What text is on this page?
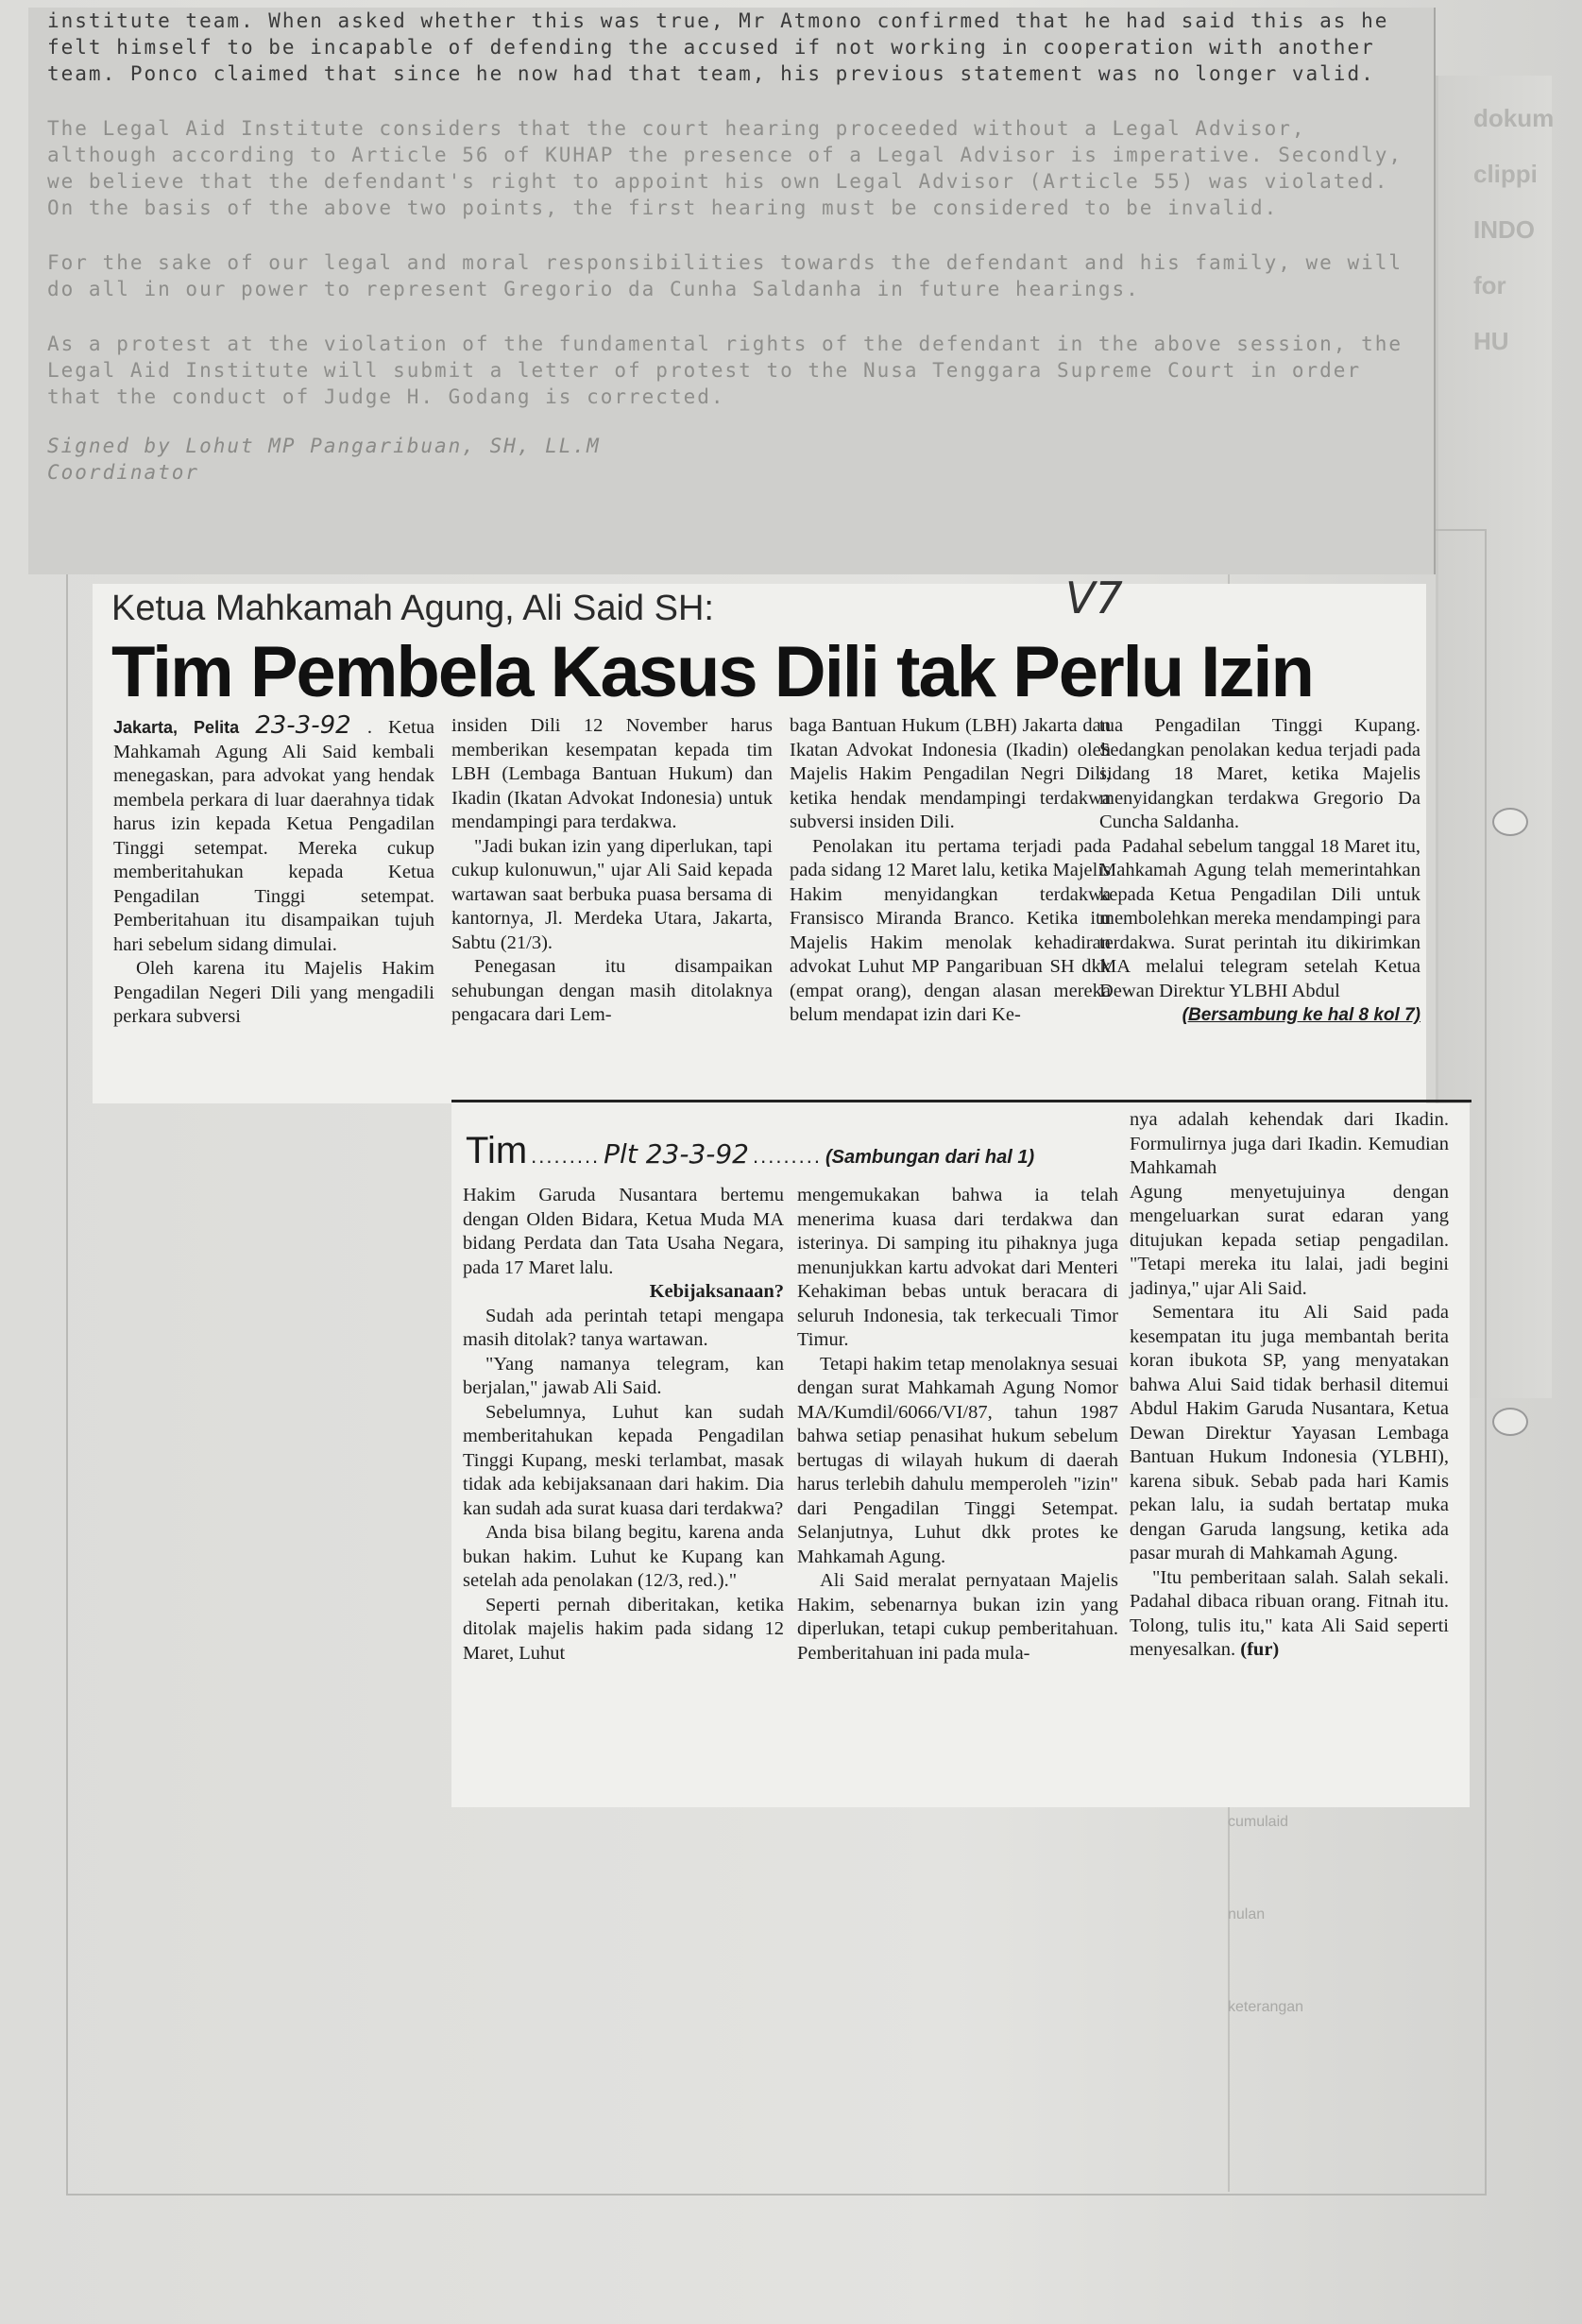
dokum
clippi
INDO
for
HU
cumulaid
nulan
keterangan

institute team. When asked whether this was true, Mr Atmono confirmed that he had said this as he felt himself to be incapable of defending the accused if not working in cooperation with another team. Ponco claimed that since he now had that team, his previous statement was no longer valid.

The Legal Aid Institute considers that the court hearing proceeded without a Legal Advisor, although according to Article 56 of KUHAP the presence of a Legal Advisor is imperative. Secondly, we believe that the defendant's right to appoint his own Legal Advisor (Article 55) was violated. On the basis of the above two points, the first hearing must be considered to be invalid.

For the sake of our legal and moral responsibilities towards the defendant and his family, we will do all in our power to represent Gregorio da Cunha Saldanha in future hearings.

As a protest at the violation of the fundamental rights of the defendant in the above session, the Legal Aid Institute will submit a letter of protest to the Nusa Tenggara Supreme Court in order that the conduct of Judge H. Godang is corrected.

Signed by Lohut MP Pangaribuan, SH, LL.M
Coordinator

Ketua Mahkamah Agung, Ali Said SH:	V7
Tim Pembela Kasus Dili tak Perlu Izin

Jakarta, Pelita 23-3-92 . Ketua Mahkamah Agung Ali Said kembali menegaskan, para advokat yang hendak membela perkara di luar daerahnya tidak harus izin kepada Ketua Pengadilan Tinggi setempat. Mereka cukup memberitahukan kepada Ketua Pengadilan Tinggi setempat. Pemberitahuan itu disampaikan tujuh hari sebelum sidang dimulai.

Oleh karena itu Majelis Hakim Pengadilan Negeri Dili yang mengadili perkara subversi

insiden Dili 12 November harus memberikan kesempatan kepada tim LBH (Lembaga Bantuan Hukum) dan Ikadin (Ikatan Advokat Indonesia) untuk mendampingi para terdakwa.

"Jadi bukan izin yang diperlukan, tapi cukup kulonuwun," ujar Ali Said kepada wartawan saat berbuka puasa bersama di kantornya, Jl. Merdeka Utara, Jakarta, Sabtu (21/3).

Penegasan itu disampaikan sehubungan dengan masih ditolaknya pengacara dari Lem-

baga Bantuan Hukum (LBH) Jakarta dan Ikatan Advokat Indonesia (Ikadin) oleh Majelis Hakim Pengadilan Negri Dili, ketika hendak mendampingi terdakwa subversi insiden Dili.

Penolakan itu pertama terjadi pada pada sidang 12 Maret lalu, ketika Majelis Hakim menyidangkan terdakwa Fransisco Miranda Branco. Ketika itu Majelis Hakim menolak kehadiran advokat Luhut MP Pangaribuan SH dkk (empat orang), dengan alasan mereka belum mendapat izin dari Ke-

tua Pengadilan Tinggi Kupang. Sedangkan penolakan kedua terjadi pada sidang 18 Maret, ketika Majelis menyidangkan terdakwa Gregorio Da Cuncha Saldanha.

Padahal sebelum tanggal 18 Maret itu, Mahkamah Agung telah memerintahkan kepada Ketua Pengadilan Dili untuk membolehkan mereka mendampingi para terdakwa. Surat perintah itu dikirimkan MA melalui telegram setelah Ketua Dewan Direktur YLBHI Abdul

(Bersambung ke hal 8 kol 7)

Tim ......... Plt 23-3-92 ......... (Sambungan dari hal 1)

Hakim Garuda Nusantara bertemu dengan Olden Bidara, Ketua Muda MA bidang Perdata dan Tata Usaha Negara, pada 17 Maret lalu.

Kebijaksanaan?

Sudah ada perintah tetapi mengapa masih ditolak? tanya wartawan.

"Yang namanya telegram, kan berjalan," jawab Ali Said.

Sebelumnya, Luhut kan sudah memberitahukan kepada Pengadilan Tinggi Kupang, meski terlambat, masak tidak ada kebijaksanaan dari hakim. Dia kan sudah ada surat kuasa dari terdakwa?

Anda bisa bilang begitu, karena anda bukan hakim. Luhut ke Kupang kan setelah ada penolakan (12/3, red.)."

Seperti pernah diberitakan, ketika ditolak majelis hakim pada sidang 12 Maret, Luhut

mengemukakan bahwa ia telah menerima kuasa dari terdakwa dan isterinya. Di samping itu pihaknya juga menunjukkan kartu advokat dari Menteri Kehakiman bebas untuk beracara di seluruh Indonesia, tak terkecuali Timor Timur.

Tetapi hakim tetap menolaknya sesuai dengan surat Mahkamah Agung Nomor MA/Kumdil/6066/VI/87, tahun 1987 bahwa setiap penasihat hukum sebelum bertugas di wilayah hukum di daerah harus terlebih dahulu memperoleh "izin" dari Pengadilan Tinggi Setempat. Selanjutnya, Luhut dkk protes ke Mahkamah Agung.

Ali Said meralat pernyataan Majelis Hakim, sebenarnya bukan izin yang diperlukan, tetapi cukup pemberitahuan. Pemberitahuan ini pada mula-

nya adalah kehendak dari Ikadin. Formulirnya juga dari Ikadin. Kemudian Mahkamah

Agung menyetujuinya dengan mengeluarkan surat edaran yang ditujukan kepada setiap pengadilan. "Tetapi mereka itu lalai, jadi begini jadinya," ujar Ali Said.

Sementara itu Ali Said pada kesempatan itu juga membantah berita koran ibukota SP, yang menyatakan bahwa Alui Said tidak berhasil ditemui Abdul Hakim Garuda Nusantara, Ketua Dewan Direktur Yayasan Lembaga Bantuan Hukum Indonesia (YLBHI), karena sibuk. Sebab pada hari Kamis pekan lalu, ia sudah bertatap muka dengan Garuda langsung, ketika ada pasar murah di Mahkamah Agung.

"Itu pemberitaan salah. Salah sekali. Padahal dibaca ribuan orang. Fitnah itu. Tolong, tulis itu," kata Ali Said seperti menyesalkan. (fur)
